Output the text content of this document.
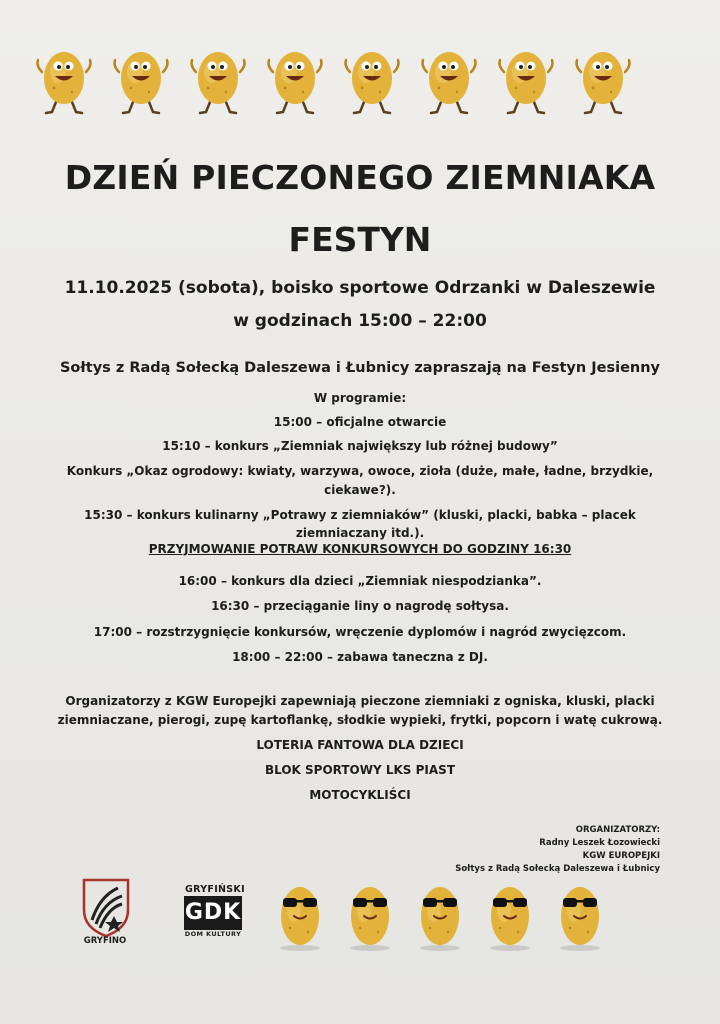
DZIEŃ PIECZONEGO ZIEMNIAKA
FESTYN
11.10.2025 (sobota), boisko sportowe Odrzanki w Daleszewie
w godzinach 15:00 – 22:00
Sołtys z Radą Sołecką Daleszewa i Łubnicy zapraszają na Festyn Jesienny
W programie:
15:00 – oficjalne otwarcie
15:10 – konkurs „Ziemniak największy lub różnej budowy”
Konkurs „Okaz ogrodowy: kwiaty, warzywa, owoce, zioła (duże, małe, ładne, brzydkie,
ciekawe?).
15:30 – konkurs kulinarny „Potrawy z ziemniaków” (kluski, placki, babka – placek
ziemniaczany itd.).
PRZYJMOWANIE POTRAW KONKURSOWYCH DO GODZINY 16:30
16:00 – konkurs dla dzieci „Ziemniak niespodzianka”.
16:30 – przeciąganie liny o nagrodę sołtysa.
17:00 – rozstrzygnięcie konkursów, wręczenie dyplomów i nagród zwycięzcom.
18:00 – 22:00 – zabawa taneczna z DJ.
Organizatorzy z KGW Europejki zapewniają pieczone ziemniaki z ogniska, kluski, placki
ziemniaczane, pierogi, zupę kartoflankę, słodkie wypieki, frytki, popcorn i watę cukrową.
LOTERIA FANTOWA DLA DZIECI
BLOK SPORTOWY LKS PIAST
MOTOCYKLIŚCI
ORGANIZATORZY:
Radny Leszek Łozowiecki
KGW EUROPEJKI
Sołtys z Radą Sołecką Daleszewa i Łubnicy
GRYFINO
GRYFIŃSKI
GDK
DOM KULTURY
